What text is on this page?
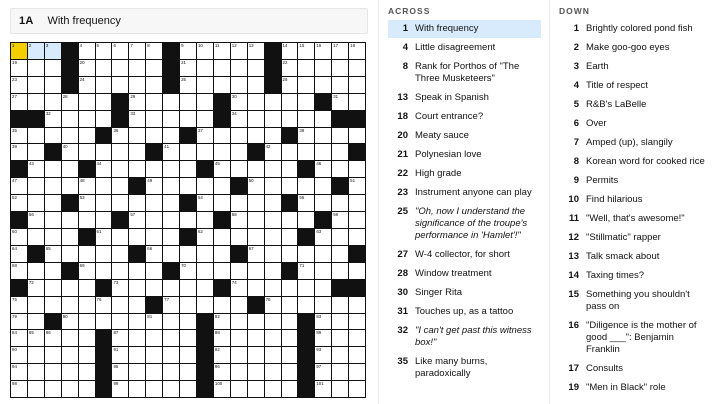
1A With frequency
1	2	3	4	5	6	7	8	9	10	11	12	13	14	15	16	17	18
19	20	21	22
23	24	25	26
27	28	29	30	31
32	33	34
35	36	37	38
39	40	41	42
43	44	45	46
47	48	49	50	51
52	53	54	55
56	57	58	59
60	61	62	63
64	65	66	67
68	69	70	71
72	73	74
75	76	77	78
79	80	81	82	83
84	85	86	87	88	89
90	91	92	93
94	95	96	97
98	99	100	101
ACROSS
1 With frequency
4 Little disagreement
8 Rank for Porthos of "The Three Musketeers"
13 Speak in Spanish
18 Court entrance?
20 Meaty sauce
21 Polynesian love
22 High grade
23 Instrument anyone can play
25 "Oh, now I understand the significance of the troupe's performance in 'Hamlet'!"
27 W-4 collector, for short
28 Window treatment
30 Singer Rita
31 Touches up, as a tattoo
32 "I can't get past this witness box!"
35 Like many burns, paradoxically
DOWN
1 Brightly colored pond fish
2 Make goo-goo eyes
3 Earth
4 Title of respect
5 R&B's LaBelle
6 Over
7 Amped (up), slangily
8 Korean word for cooked rice
9 Permits
10 Find hilarious
11 "Well, that's awesome!"
12 "Stillmatic" rapper
13 Talk smack about
14 Taxing times?
15 Something you shouldn't pass on
16 "Diligence is the mother of good ___": Benjamin Franklin
17 Consults
19 "Men in Black" role
